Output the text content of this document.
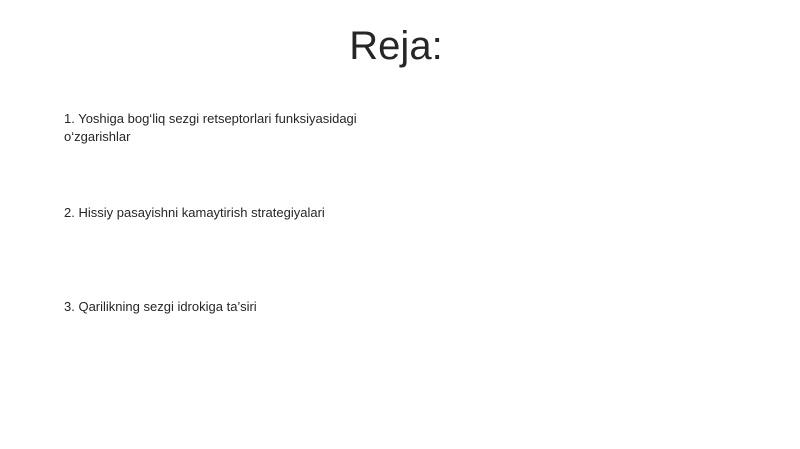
Reja:

1. Yoshiga bog‘liq sezgi retseptorlari funksiyasidagi o‘zgarishlar

2. Hissiy pasayishni kamaytirish strategiyalari

3. Qarilikning sezgi idrokiga ta’siri
